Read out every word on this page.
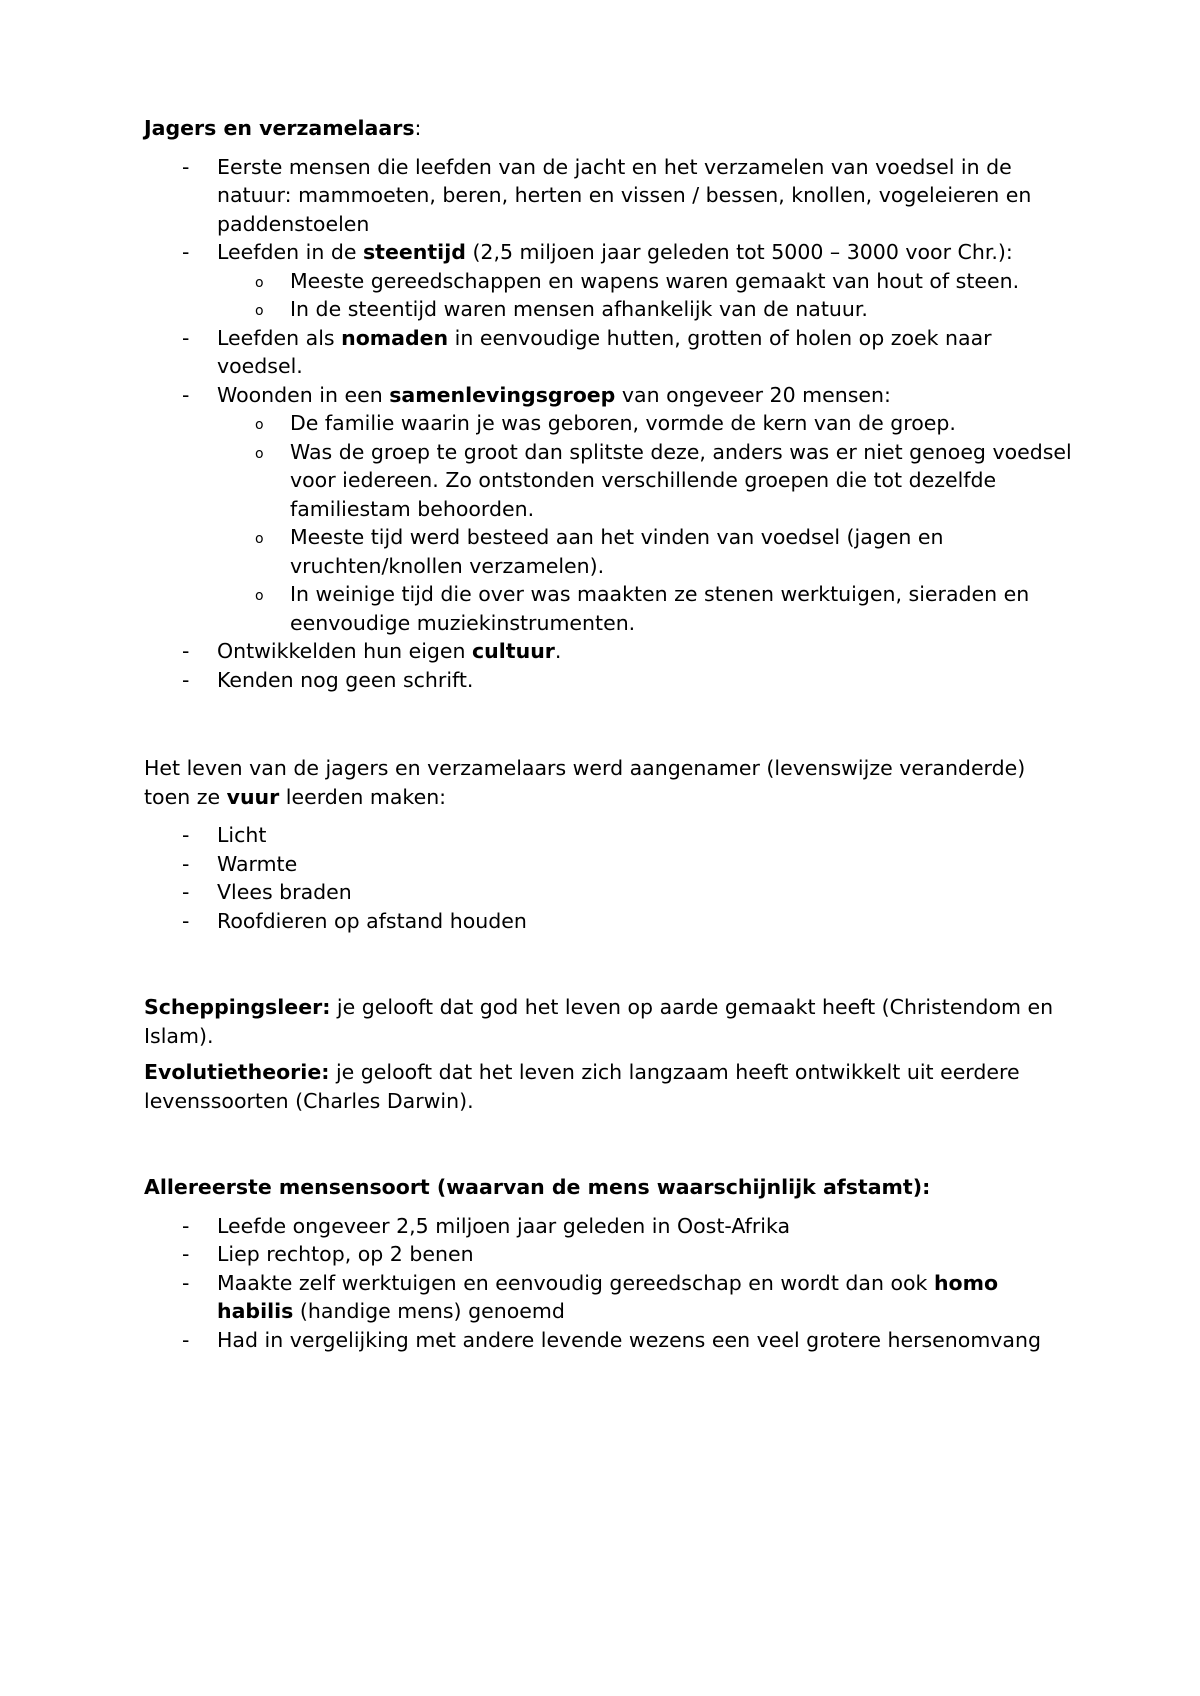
Jagers en verzamelaars:

- Eerste mensen die leefden van de jacht en het verzamelen van voedsel in de natuur: mammoeten, beren, herten en vissen / bessen, knollen, vogeleieren en paddenstoelen
- Leefden in de steentijd (2,5 miljoen jaar geleden tot 5000 – 3000 voor Chr.):
o Meeste gereedschappen en wapens waren gemaakt van hout of steen.
o In de steentijd waren mensen afhankelijk van de natuur.
- Leefden als nomaden in eenvoudige hutten, grotten of holen op zoek naar voedsel.
- Woonden in een samenlevingsgroep van ongeveer 20 mensen:
o De familie waarin je was geboren, vormde de kern van de groep.
o Was de groep te groot dan splitste deze, anders was er niet genoeg voedsel voor iedereen. Zo ontstonden verschillende groepen die tot dezelfde familiestam behoorden.
o Meeste tijd werd besteed aan het vinden van voedsel (jagen en vruchten/knollen verzamelen).
o In weinige tijd die over was maakten ze stenen werktuigen, sieraden en eenvoudige muziekinstrumenten.
- Ontwikkelden hun eigen cultuur.
- Kenden nog geen schrift.

Het leven van de jagers en verzamelaars werd aangenamer (levenswijze veranderde) toen ze vuur leerden maken:

- Licht
- Warmte
- Vlees braden
- Roofdieren op afstand houden

Scheppingsleer: je gelooft dat god het leven op aarde gemaakt heeft (Christendom en Islam).

Evolutietheorie: je gelooft dat het leven zich langzaam heeft ontwikkelt uit eerdere levenssoorten (Charles Darwin).

Allereerste mensensoort (waarvan de mens waarschijnlijk afstamt):

- Leefde ongeveer 2,5 miljoen jaar geleden in Oost-Afrika
- Liep rechtop, op 2 benen
- Maakte zelf werktuigen en eenvoudig gereedschap en wordt dan ook homo habilis (handige mens) genoemd
- Had in vergelijking met andere levende wezens een veel grotere hersenomvang
